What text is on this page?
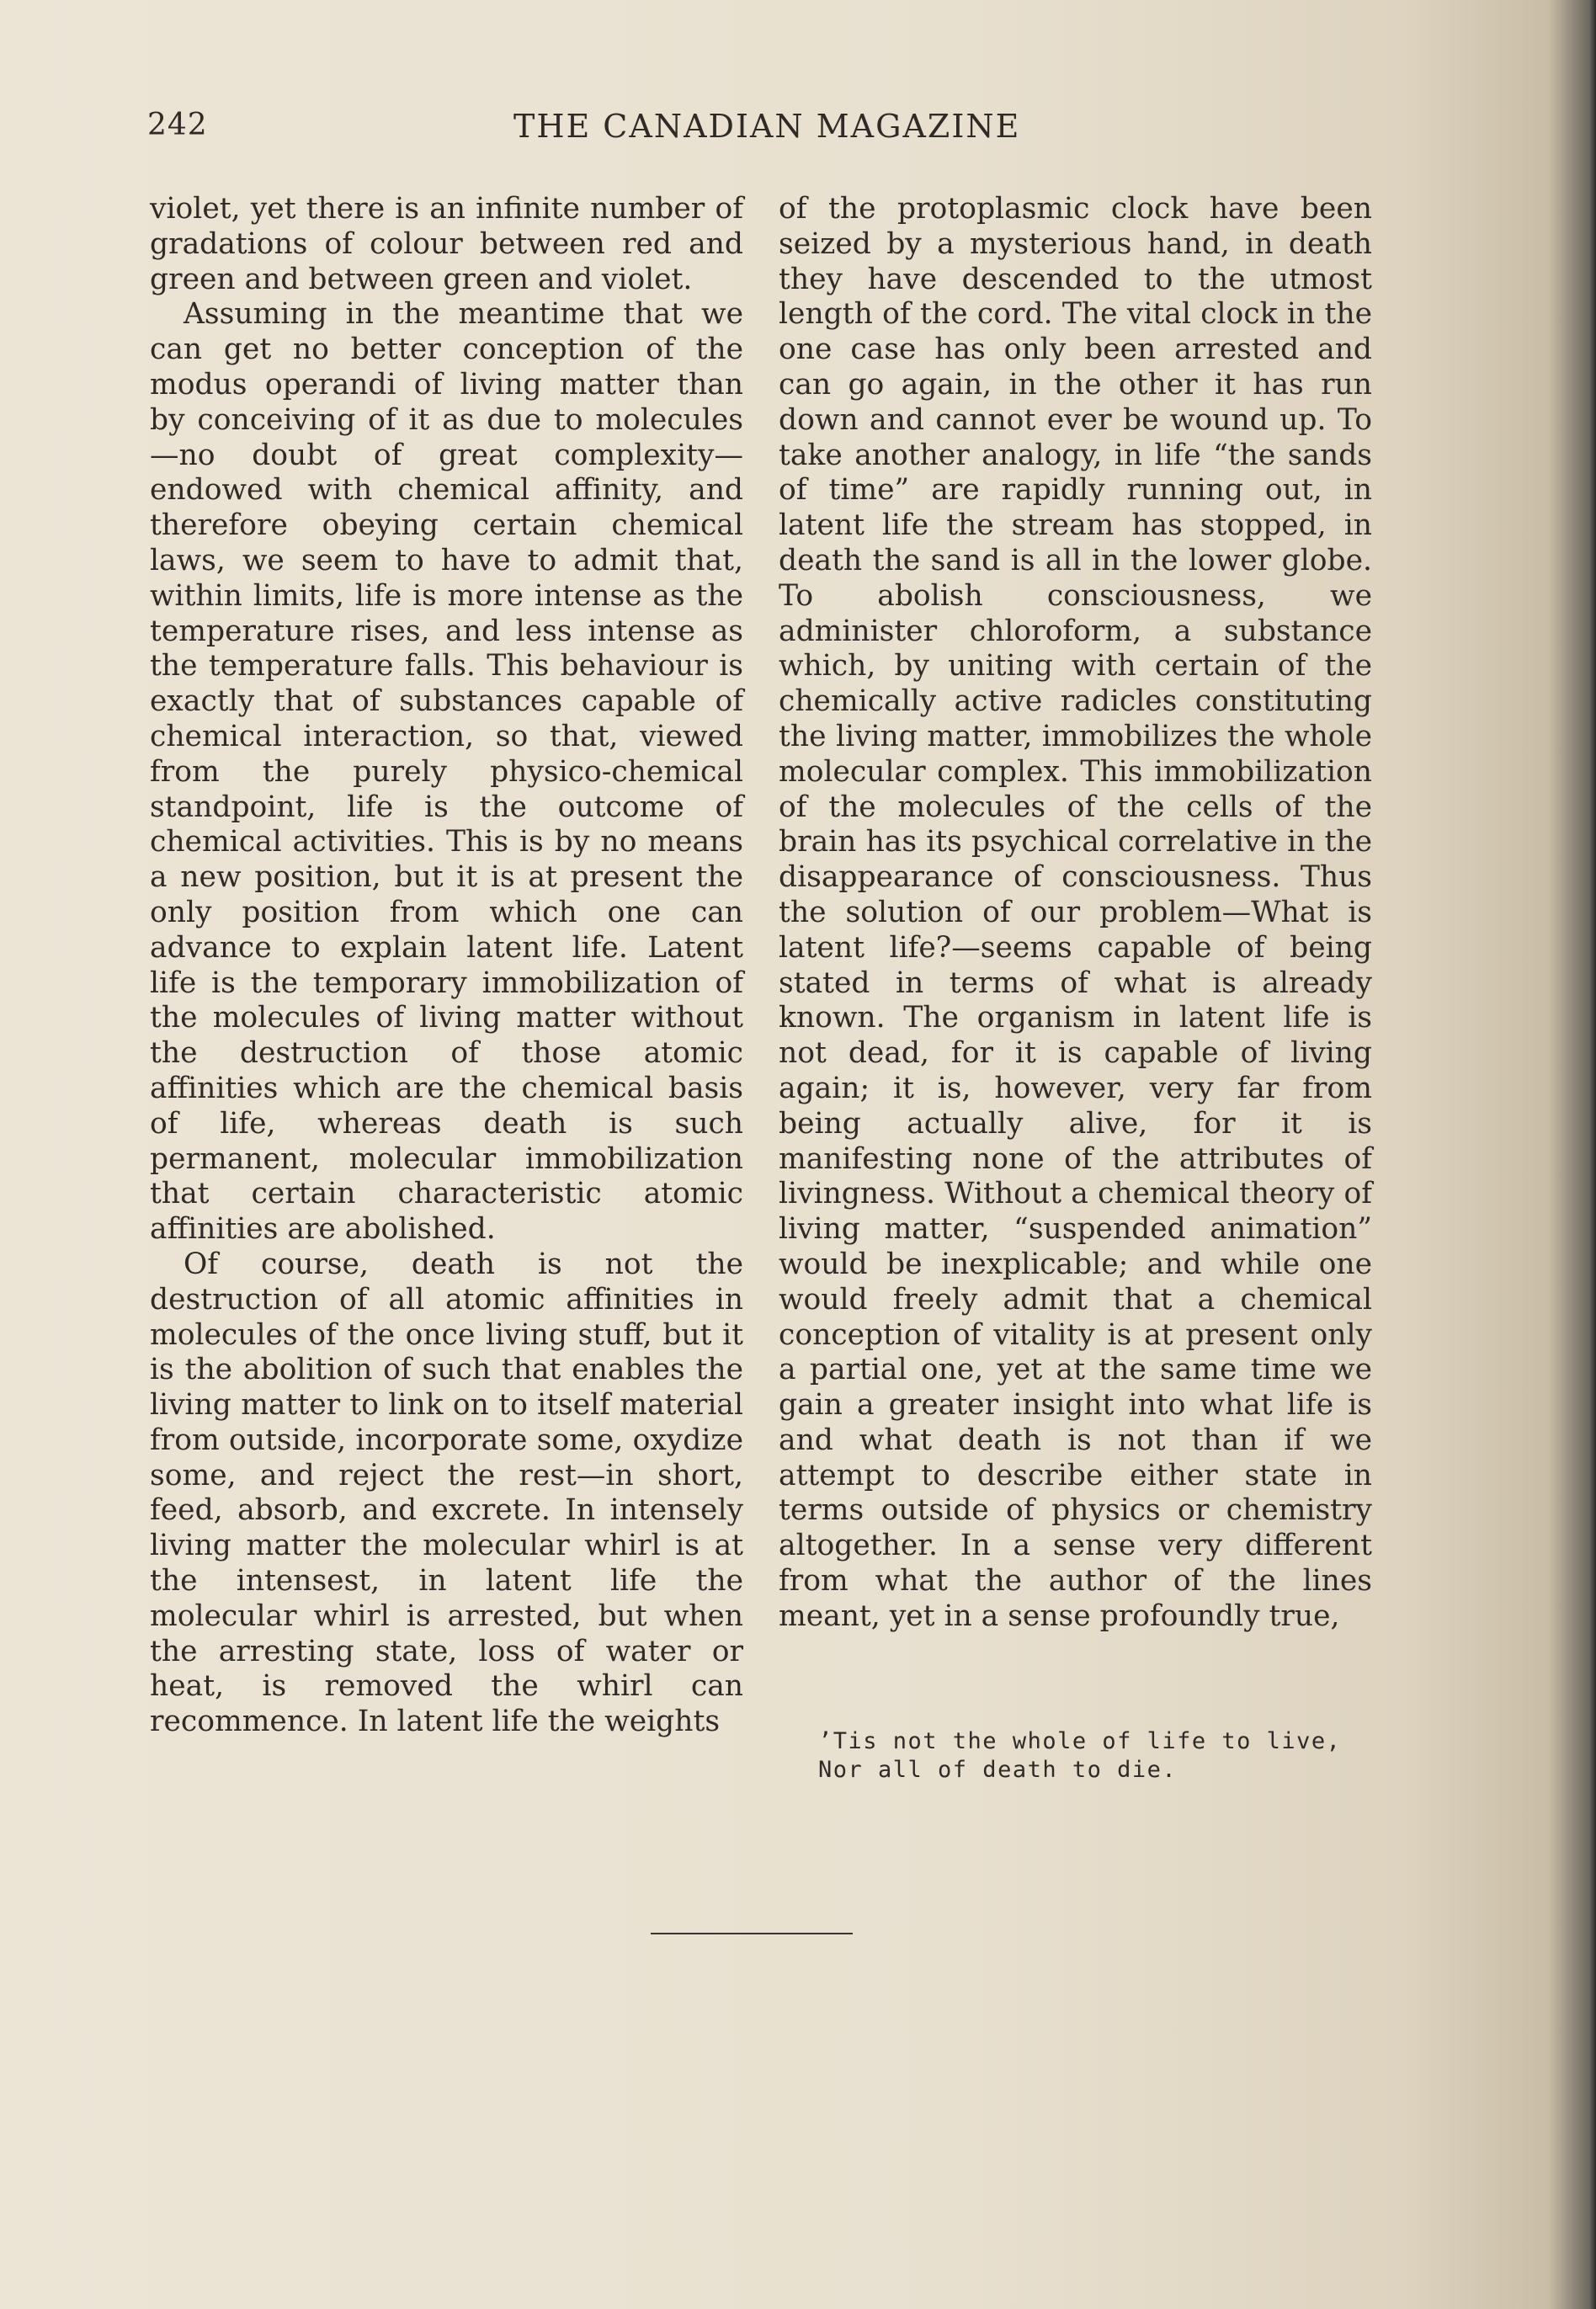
242	THE CANADIAN MAGAZINE

violet, yet there is an infinite number of gradations of colour between red and green and between green and violet.

Assuming in the meantime that we can get no better conception of the modus operandi of living matter than by conceiving of it as due to molecules—no doubt of great complexity—endowed with chemical affinity, and therefore obeying certain chemical laws, we seem to have to admit that, within limits, life is more intense as the temperature rises, and less intense as the temperature falls. This behaviour is exactly that of substances capable of chemical interaction, so that, viewed from the purely physico-chemical standpoint, life is the outcome of chemical activities. This is by no means a new position, but it is at present the only position from which one can advance to explain latent life. Latent life is the temporary immobilization of the molecules of living matter without the destruction of those atomic affinities which are the chemical basis of life, whereas death is such permanent, molecular immobilization that certain characteristic atomic affinities are abolished.

Of course, death is not the destruction of all atomic affinities in molecules of the once living stuff, but it is the abolition of such that enables the living matter to link on to itself material from outside, incorporate some, oxydize some, and reject the rest—in short, feed, absorb, and excrete. In intensely living matter the molecular whirl is at the intensest, in latent life the molecular whirl is arrested, but when the arresting state, loss of water or heat, is removed the whirl can recommence. In latent life the weights

of the protoplasmic clock have been seized by a mysterious hand, in death they have descended to the utmost length of the cord. The vital clock in the one case has only been arrested and can go again, in the other it has run down and cannot ever be wound up. To take another analogy, in life “the sands of time” are rapidly running out, in latent life the stream has stopped, in death the sand is all in the lower globe. To abolish consciousness, we administer chloroform, a substance which, by uniting with certain of the chemically active radicles constituting the living matter, immobilizes the whole molecular complex. This immobilization of the molecules of the cells of the brain has its psychical correlative in the disappearance of consciousness. Thus the solution of our problem—What is latent life?—seems capable of being stated in terms of what is already known. The organism in latent life is not dead, for it is capable of living again; it is, however, very far from being actually alive, for it is manifesting none of the attributes of livingness. Without a chemical theory of living matter, “suspended animation” would be inexplicable; and while one would freely admit that a chemical conception of vitality is at present only a partial one, yet at the same time we gain a greater insight into what life is and what death is not than if we attempt to describe either state in terms outside of physics or chemistry altogether. In a sense very different from what the author of the lines meant, yet in a sense profoundly true,

’Tis not the whole of life to live,
Nor all of death to die.
